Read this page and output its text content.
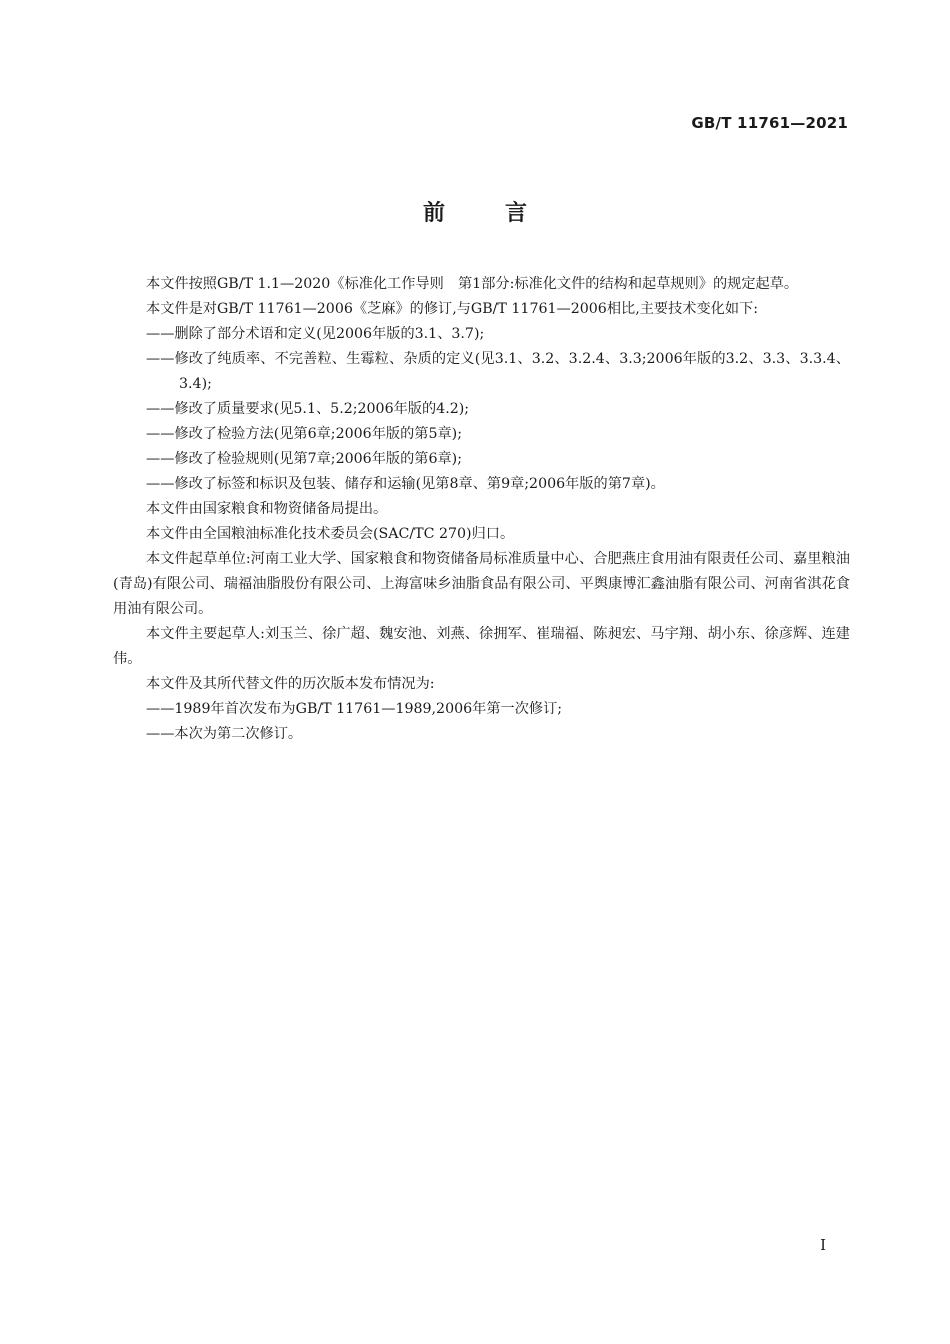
GB/T 11761—2021
前言

本文件按照GB/T 1.1—2020《标准化工作导则　第1部分:标准化文件的结构和起草规则》的规定起草。

本文件是对GB/T 11761—2006《芝麻》的修订,与GB/T 11761—2006相比,主要技术变化如下:

——删除了部分术语和定义(见2006年版的3.1、3.7);

——修改了纯质率、不完善粒、生霉粒、杂质的定义(见3.1、3.2、3.2.4、3.3;2006年版的3.2、3.3、3.3.4、3.4);

——修改了质量要求(见5.1、5.2;2006年版的4.2);

——修改了检验方法(见第6章;2006年版的第5章);

——修改了检验规则(见第7章;2006年版的第6章);

——修改了标签和标识及包装、储存和运输(见第8章、第9章;2006年版的第7章)。

本文件由国家粮食和物资储备局提出。

本文件由全国粮油标准化技术委员会(SAC/TC 270)归口。

本文件起草单位:河南工业大学、国家粮食和物资储备局标准质量中心、合肥燕庄食用油有限责任公司、嘉里粮油(青岛)有限公司、瑞福油脂股份有限公司、上海富味乡油脂食品有限公司、平舆康博汇鑫油脂有限公司、河南省淇花食用油有限公司。

本文件主要起草人:刘玉兰、徐广超、魏安池、刘燕、徐拥军、崔瑞福、陈昶宏、马宇翔、胡小东、徐彦辉、连建伟。

本文件及其所代替文件的历次版本发布情况为:

——1989年首次发布为GB/T 11761—1989,2006年第一次修订;

——本次为第二次修订。

I
